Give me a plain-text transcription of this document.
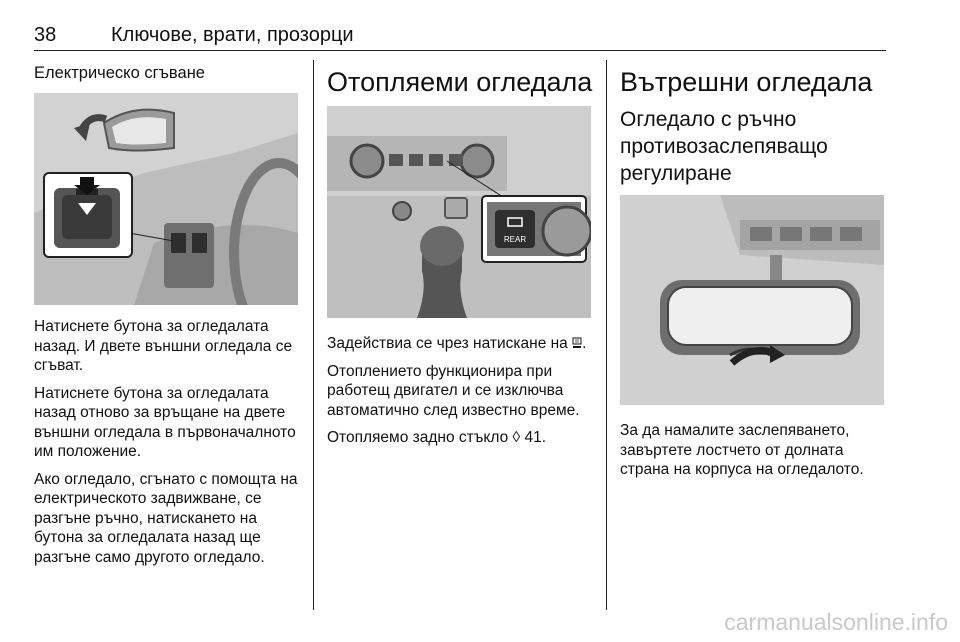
38	Ключове, врати, прозорци
Електрическо сгъване

Натиснете бутона за огледалата назад. И двете външни огледала се сгъват.

Натиснете бутона за огледалата назад отново за връщане на двете външни огледала в първоначалното им положение.

Ако огледало, сгънато с помощта на електрическото задвижване, се разгъне ръчно, натискането на бутона за огледалата назад ще разгъне само другото огледало.

Отопляеми огледала
REAR

Задействиа се чрез натискане на .

Отоплението функционира при работещ двигател и се изключва автоматично след известно време.

Отопляемо задно стъкло ◊ 41.

Вътрешни огледала
Огледало с ръчно противозаслепяващо регулиране

За да намалите заслепяването, завъртете лостчето от долната страна на корпуса на огледалото.

carmanualsonline.info
